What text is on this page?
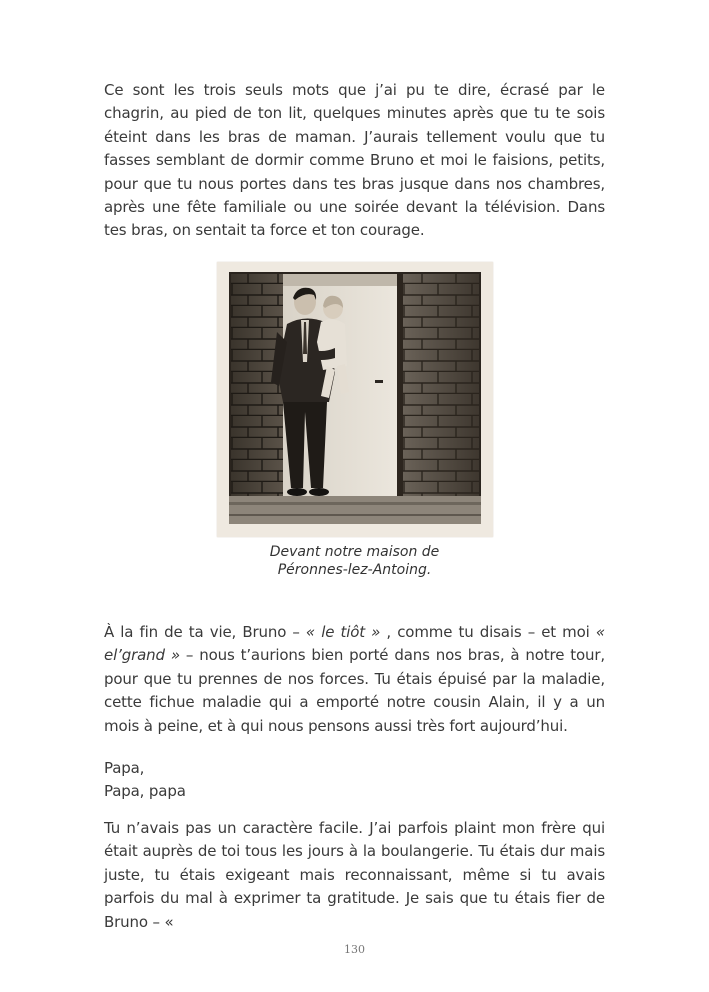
Ce sont les trois seuls mots que j’ai pu te dire, écrasé par le chagrin, au pied de ton lit, quelques minutes après que tu te sois éteint dans les bras de maman. J’aurais tellement voulu que tu fasses semblant de dormir comme Bruno et moi le faisions, petits, pour que tu nous portes dans tes bras jusque dans nos chambres, après une fête familiale ou une soirée devant la télévision. Dans tes bras, on sentait ta force et ton courage.

Devant notre maison de
Péronnes-lez-Antoing.

À la fin de ta vie, Bruno – « le tiôt » , comme tu disais – et moi « el’grand » – nous t’aurions bien porté dans nos bras, à notre tour, pour que tu prennes de nos forces. Tu étais épuisé par la maladie, cette fichue maladie qui a emporté notre cousin Alain, il y a un mois à peine, et à qui nous pensons aussi très fort aujourd’hui.

Papa,
Papa, papa

Tu n’avais pas un caractère facile. J’ai parfois plaint mon frère qui était auprès de toi tous les jours à la boulangerie. Tu étais dur mais juste, tu étais exigeant mais reconnaissant, même si tu avais parfois du mal à exprimer ta gratitude. Je sais que tu étais fier de Bruno – «

130
